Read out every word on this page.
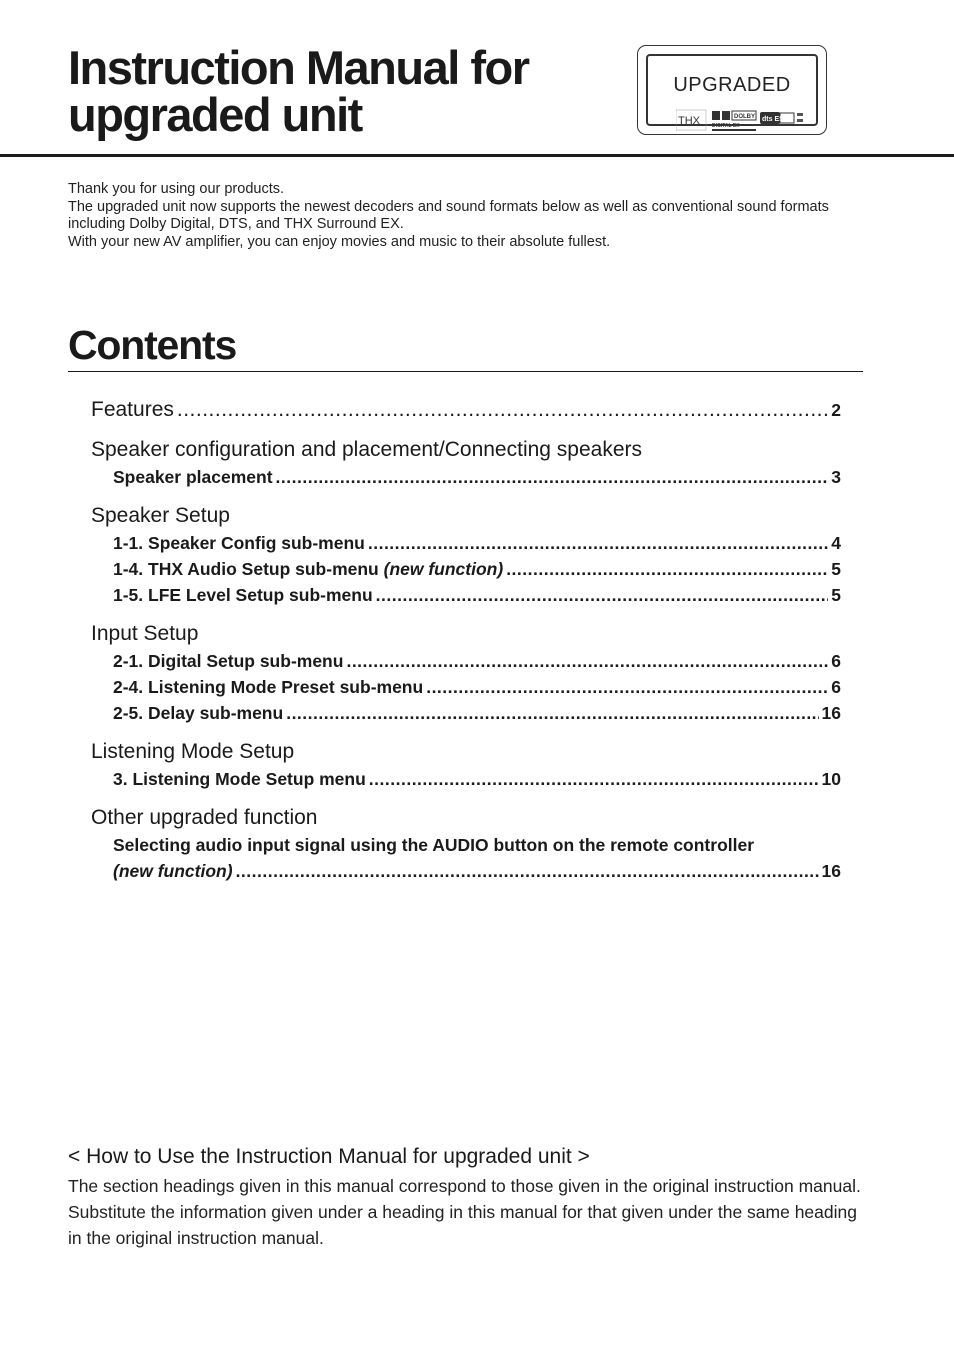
Instruction Manual for
upgraded unit
UPGRADED
THX	DOLBY
DIGITAL EX
dts ES

Thank you for using our products.

The upgraded unit now supports the newest decoders and sound formats below as well as conventional sound formats including Dolby Digital, DTS, and THX Surround EX.

With your new AV amplifier, you can enjoy movies and music to their absolute fullest.

Contents
Features .....	2
Speaker configuration and placement/Connecting speakers
Speaker placement .....	3
Speaker Setup
1-1. Speaker Config sub-menu .....	4
1-4. THX Audio Setup sub-menu (new function) .....	5
1-5. LFE Level Setup sub-menu .....	5
Input Setup
2-1. Digital Setup sub-menu .....	6
2-4. Listening Mode Preset sub-menu .....	6
2-5. Delay sub-menu .....	16
Listening Mode Setup
3. Listening Mode Setup menu .....	10
Other upgraded function
Selecting audio input signal using the AUDIO button on the remote controller
(new function) .....	16
< How to Use the Instruction Manual for upgraded unit >

The section headings given in this manual correspond to those given in the original instruction manual. Substitute the information given under a heading in this manual for that given under the same heading in the original instruction manual.
